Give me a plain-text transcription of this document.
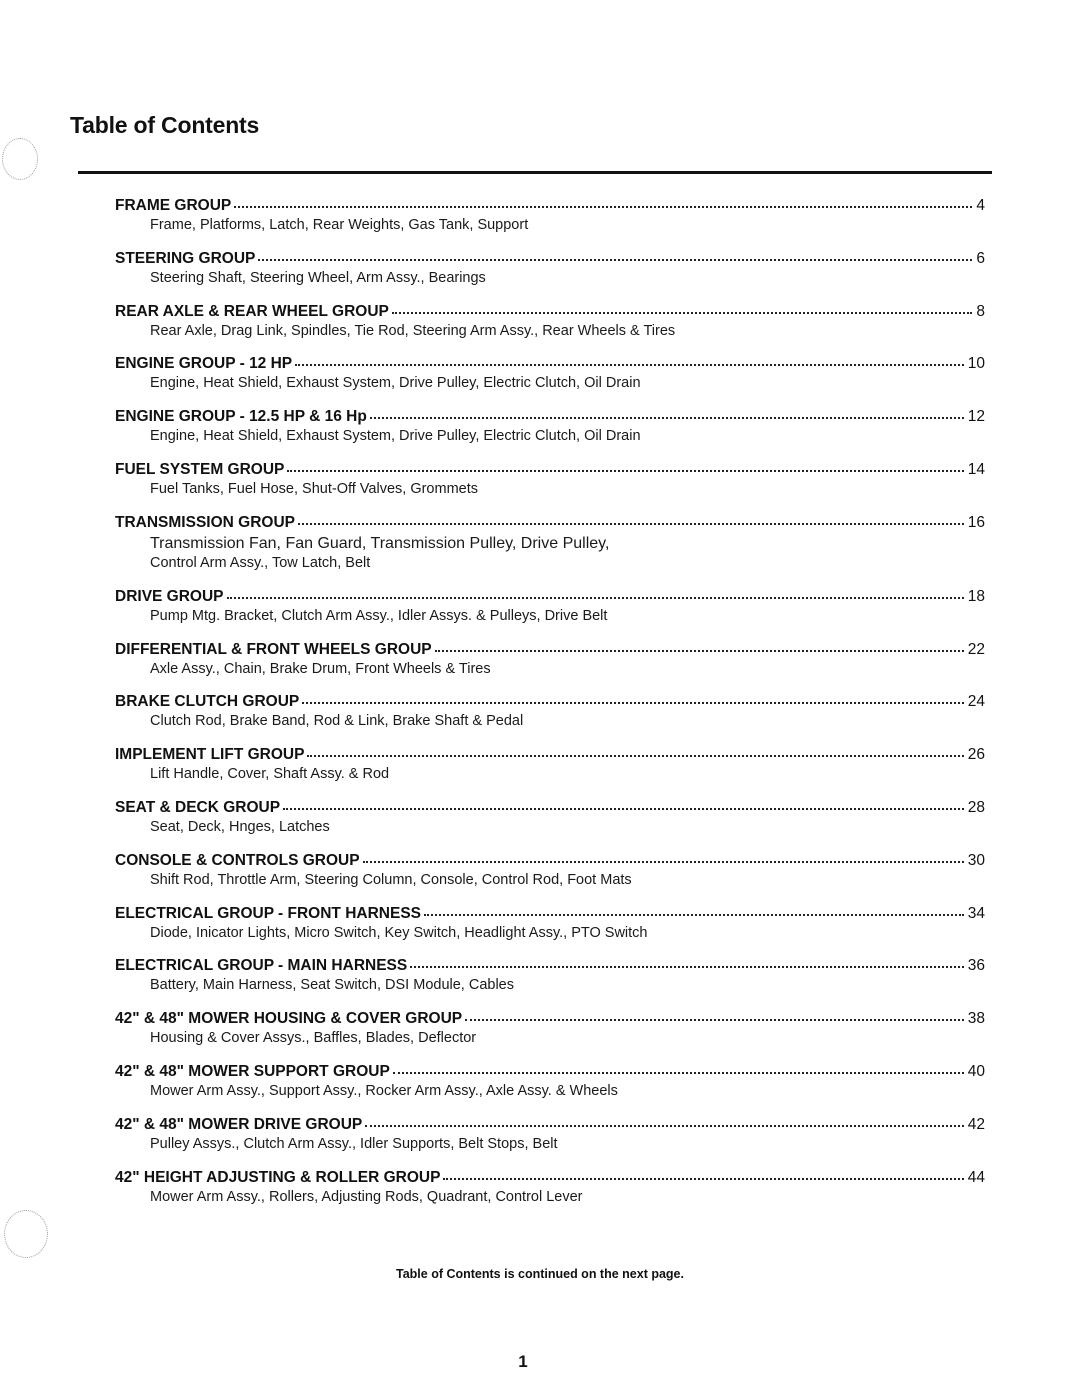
Table of Contents
FRAME GROUP	4
Frame, Platforms, Latch, Rear Weights, Gas Tank, Support
STEERING GROUP	6
Steering Shaft, Steering Wheel, Arm Assy., Bearings
REAR AXLE & REAR WHEEL GROUP	8
Rear Axle, Drag Link, Spindles, Tie Rod, Steering Arm Assy., Rear Wheels & Tires
ENGINE GROUP - 12 HP	10
Engine, Heat Shield, Exhaust System, Drive Pulley, Electric Clutch, Oil Drain
ENGINE GROUP - 12.5 HP & 16 Hp	12
Engine, Heat Shield, Exhaust System, Drive Pulley, Electric Clutch, Oil Drain
FUEL SYSTEM GROUP	14
Fuel Tanks, Fuel Hose, Shut-Off Valves, Grommets
TRANSMISSION GROUP	16
Transmission Fan, Fan Guard, Transmission Pulley, Drive Pulley,
Control Arm Assy., Tow Latch, Belt
DRIVE GROUP	18
Pump Mtg. Bracket, Clutch Arm Assy., Idler Assys. & Pulleys, Drive Belt
DIFFERENTIAL & FRONT WHEELS GROUP	22
Axle Assy., Chain, Brake Drum, Front Wheels & Tires
BRAKE CLUTCH GROUP	24
Clutch Rod, Brake Band, Rod & Link, Brake Shaft & Pedal
IMPLEMENT LIFT GROUP	26
Lift Handle, Cover, Shaft Assy. & Rod
SEAT & DECK GROUP	28
Seat, Deck, Hnges, Latches
CONSOLE & CONTROLS GROUP	30
Shift Rod, Throttle Arm, Steering Column, Console, Control Rod, Foot Mats
ELECTRICAL GROUP - FRONT HARNESS	34
Diode, Inicator Lights, Micro Switch, Key Switch, Headlight Assy., PTO Switch
ELECTRICAL GROUP - MAIN HARNESS	36
Battery, Main Harness, Seat Switch, DSI Module, Cables
42" & 48" MOWER HOUSING & COVER GROUP	38
Housing & Cover Assys., Baffles, Blades, Deflector
42" & 48" MOWER SUPPORT GROUP	40
Mower Arm Assy., Support Assy., Rocker Arm Assy., Axle Assy. & Wheels
42" & 48" MOWER DRIVE GROUP	42
Pulley Assys., Clutch Arm Assy., Idler Supports, Belt Stops, Belt
42" HEIGHT ADJUSTING & ROLLER GROUP	44
Mower Arm Assy., Rollers, Adjusting Rods, Quadrant, Control Lever
Table of Contents is continued on the next page.
1
